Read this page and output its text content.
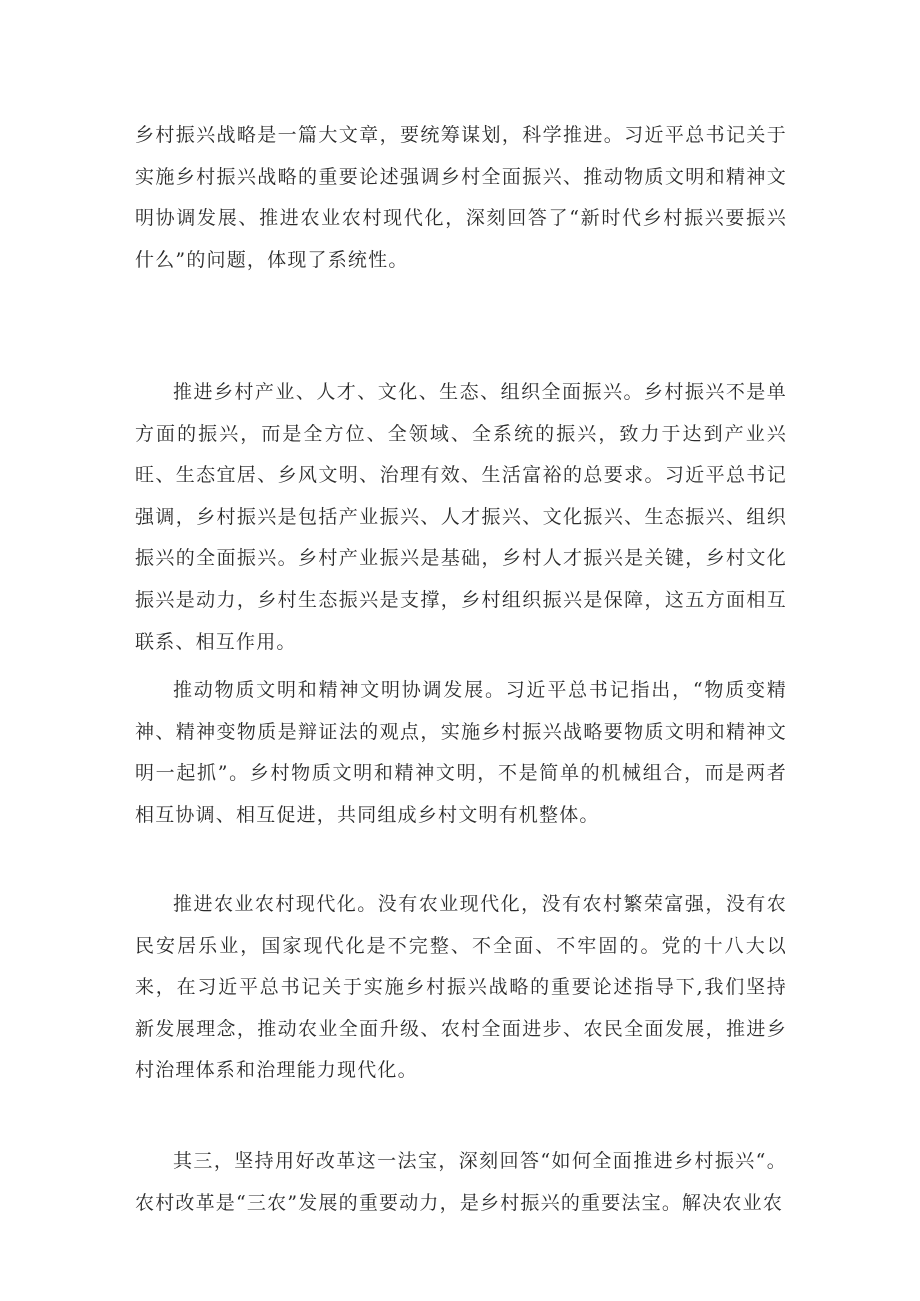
乡村振兴战略是一篇大文章，要统筹谋划，科学推进。习近平总书记关于实施乡村振兴战略的重要论述强调乡村全面振兴、推动物质文明和精神文明协调发展、推进农业农村现代化，深刻回答了“新时代乡村振兴要振兴什么”的问题，体现了系统性。

推进乡村产业、人才、文化、生态、组织全面振兴。乡村振兴不是单方面的振兴，而是全方位、全领域、全系统的振兴，致力于达到产业兴旺、生态宜居、乡风文明、治理有效、生活富裕的总要求。习近平总书记强调，乡村振兴是包括产业振兴、人才振兴、文化振兴、生态振兴、组织振兴的全面振兴。乡村产业振兴是基础，乡村人才振兴是关键，乡村文化振兴是动力，乡村生态振兴是支撑，乡村组织振兴是保障，这五方面相互联系、相互作用。

推动物质文明和精神文明协调发展。习近平总书记指出，“物质变精神、精神变物质是辩证法的观点，实施乡村振兴战略要物质文明和精神文明一起抓”。乡村物质文明和精神文明，不是简单的机械组合，而是两者相互协调、相互促进，共同组成乡村文明有机整体。

推进农业农村现代化。没有农业现代化，没有农村繁荣富强，没有农民安居乐业，国家现代化是不完整、不全面、不牢固的。党的十八大以来，在习近平总书记关于实施乡村振兴战略的重要论述指导下,我们坚持新发展理念，推动农业全面升级、农村全面进步、农民全面发展，推进乡村治理体系和治理能力现代化。

其三，坚持用好改革这一法宝，深刻回答“如何全面推进乡村振兴“。农村改革是“三农”发展的重要动力，是乡村振兴的重要法宝。解决农业农
